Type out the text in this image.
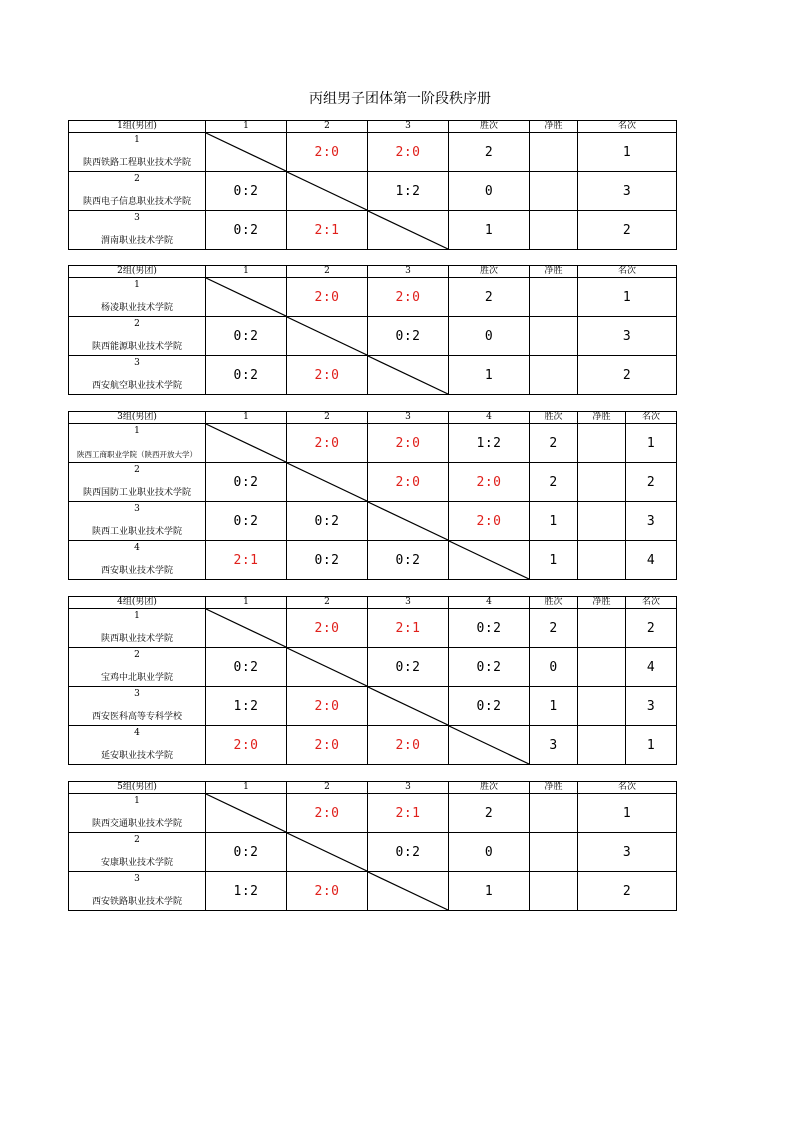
丙组男子团体第一阶段秩序册
1组(男团)	1	2	3	胜次	净胜	名次

1
陕西铁路工程职业技术学院		2:0	2:0	2		1

2
陕西电子信息职业技术学院	0:2		1:2	0		3

3
渭南职业技术学院	0:2	2:1		1		2
2组(男团)	1	2	3	胜次	净胜	名次

1
杨凌职业技术学院		2:0	2:0	2		1

2
陕西能源职业技术学院	0:2		0:2	0		3

3
西安航空职业技术学院	0:2	2:0		1		2
3组(男团)	1	2	3	4	胜次	净胜	名次

1
陕西工商职业学院（陕西开放大学）		2:0	2:0	1:2	2		1

2
陕西国防工业职业技术学院	0:2		2:0	2:0	2		2

3
陕西工业职业技术学院	0:2	0:2		2:0	1		3

4
西安职业技术学院	2:1	0:2	0:2		1		4
4组(男团)	1	2	3	4	胜次	净胜	名次

1
陕西职业技术学院		2:0	2:1	0:2	2		2

2
宝鸡中北职业学院	0:2		0:2	0:2	0		4

3
西安医科高等专科学校	1:2	2:0		0:2	1		3

4
延安职业技术学院	2:0	2:0	2:0		3		1
5组(男团)	1	2	3	胜次	净胜	名次

1
陕西交通职业技术学院		2:0	2:1	2		1

2
安康职业技术学院	0:2		0:2	0		3

3
西安铁路职业技术学院	1:2	2:0		1		2
